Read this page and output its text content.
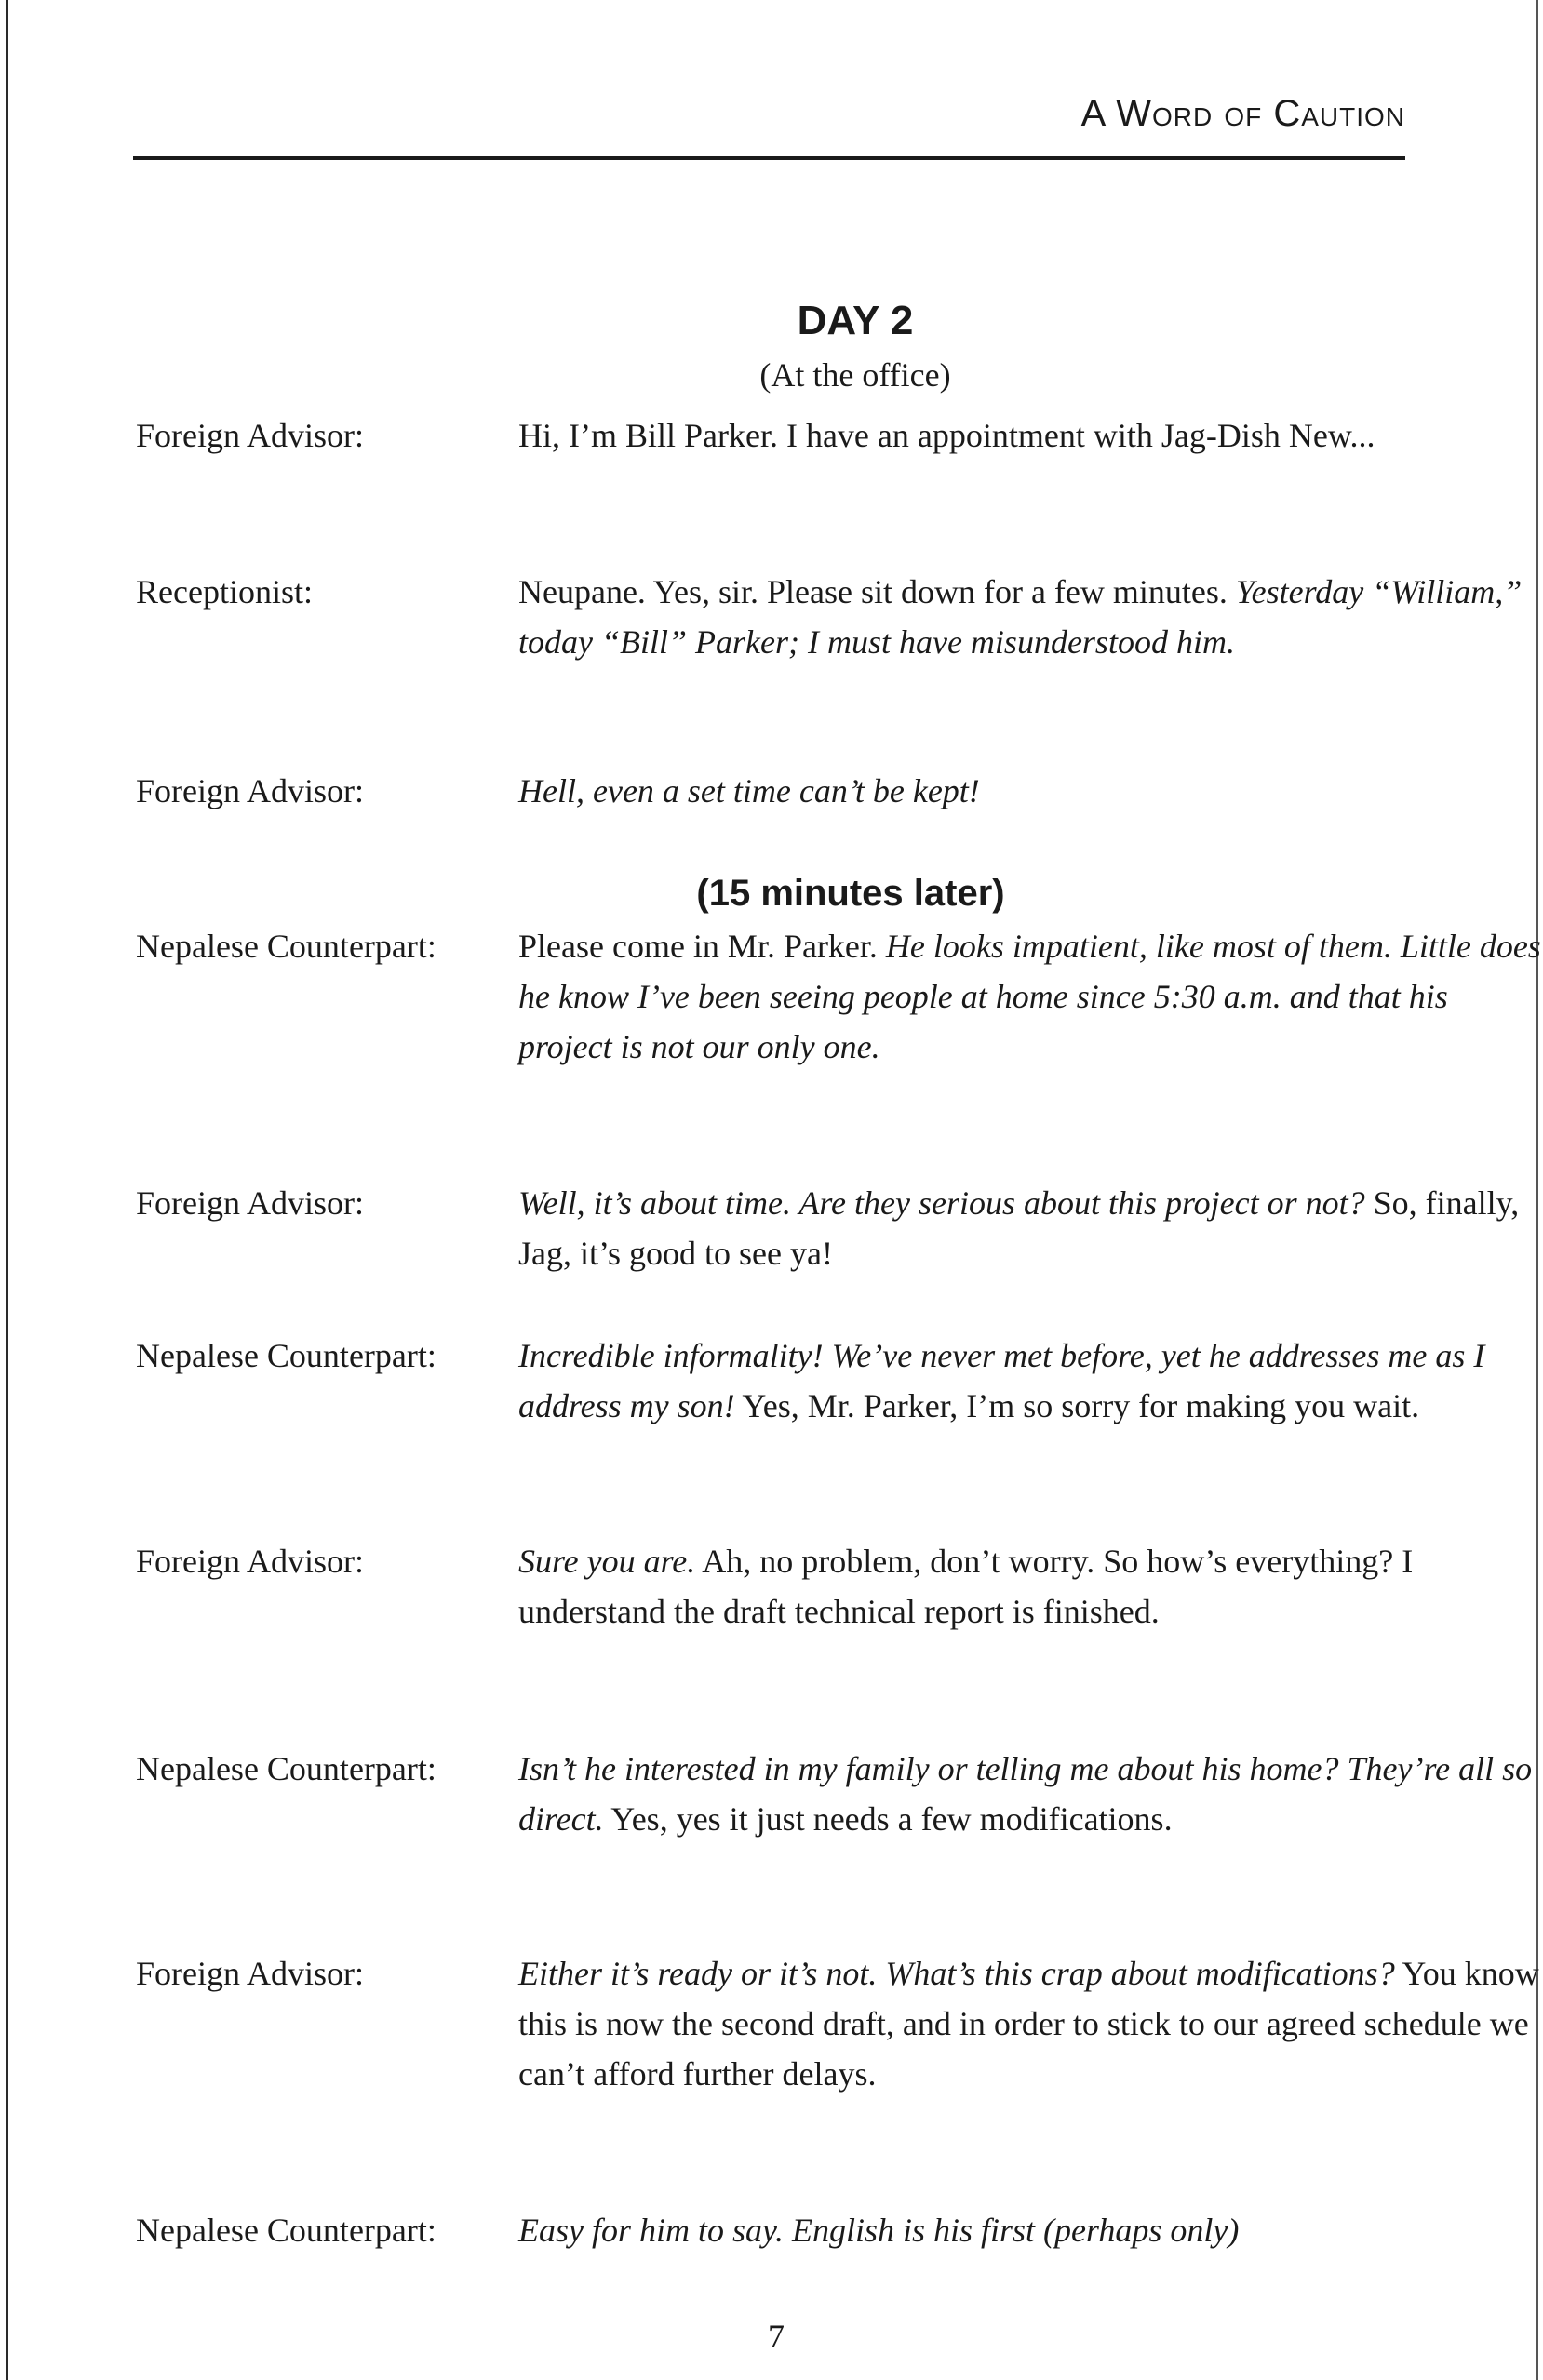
A Word of Caution
DAY 2
(At the office)
Foreign Advisor:	Hi, I’m Bill Parker. I have an appointment with Jag-Dish New...
Receptionist:	Neupane. Yes, sir. Please sit down for a few minutes. Yesterday “William,” today “Bill” Parker; I must have misunderstood him.
Foreign Advisor:	Hell, even a set time can’t be kept!
(15 minutes later)
Nepalese Counterpart: Please come in Mr. Parker. He looks impatient, like most of them. Little does he know I’ve been seeing people at home since 5:30 a.m. and that his project is not our only one.
Foreign Advisor:	Well, it’s about time. Are they serious about this project or not? So, finally, Jag, it’s good to see ya!
Nepalese Counterpart: Incredible informality! We’ve never met before, yet he addresses me as I address my son! Yes, Mr. Parker, I’m so sorry for making you wait.
Foreign Advisor:	Sure you are. Ah, no problem, don’t worry. So how’s everything? I understand the draft technical report is finished.
Nepalese Counterpart: Isn’t he interested in my family or telling me about his home? They’re all so direct. Yes, yes it just needs a few modifications.
Foreign Advisor:	Either it’s ready or it’s not. What’s this crap about modifications? You know this is now the second draft, and in order to stick to our agreed schedule we can’t afford further delays.
Nepalese Counterpart: Easy for him to say. English is his first (perhaps only)
7
